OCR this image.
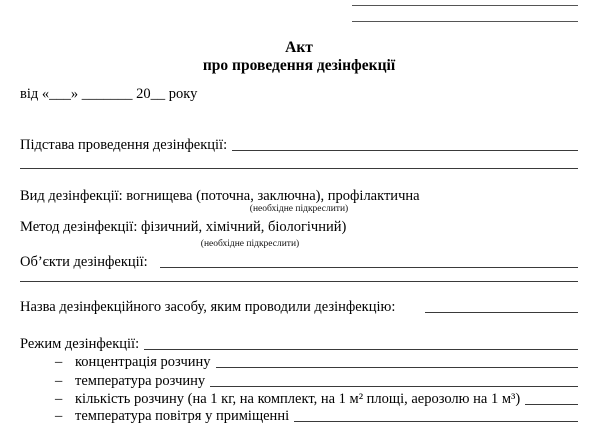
Акт
про проведення дезінфекції
від «___» _______ 20__ року
Підстава проведення дезінфекції:
Вид дезінфекції: вогнищева (поточна, заключна), профілактична
(необхідне підкреслити)
Метод дезінфекції: фізичний, хімічний, біологічний)
(необхідне підкреслити)
Об’єкти дезінфекції:
Назва дезінфекційного засобу, яким проводили дезінфекцію:
Режим дезінфекції:
– концентрація розчину
– температура розчину
– кількість розчину (на 1 кг, на комплект, на 1 м² площі, аерозолю на 1 м³)
– температура повітря у приміщенні
